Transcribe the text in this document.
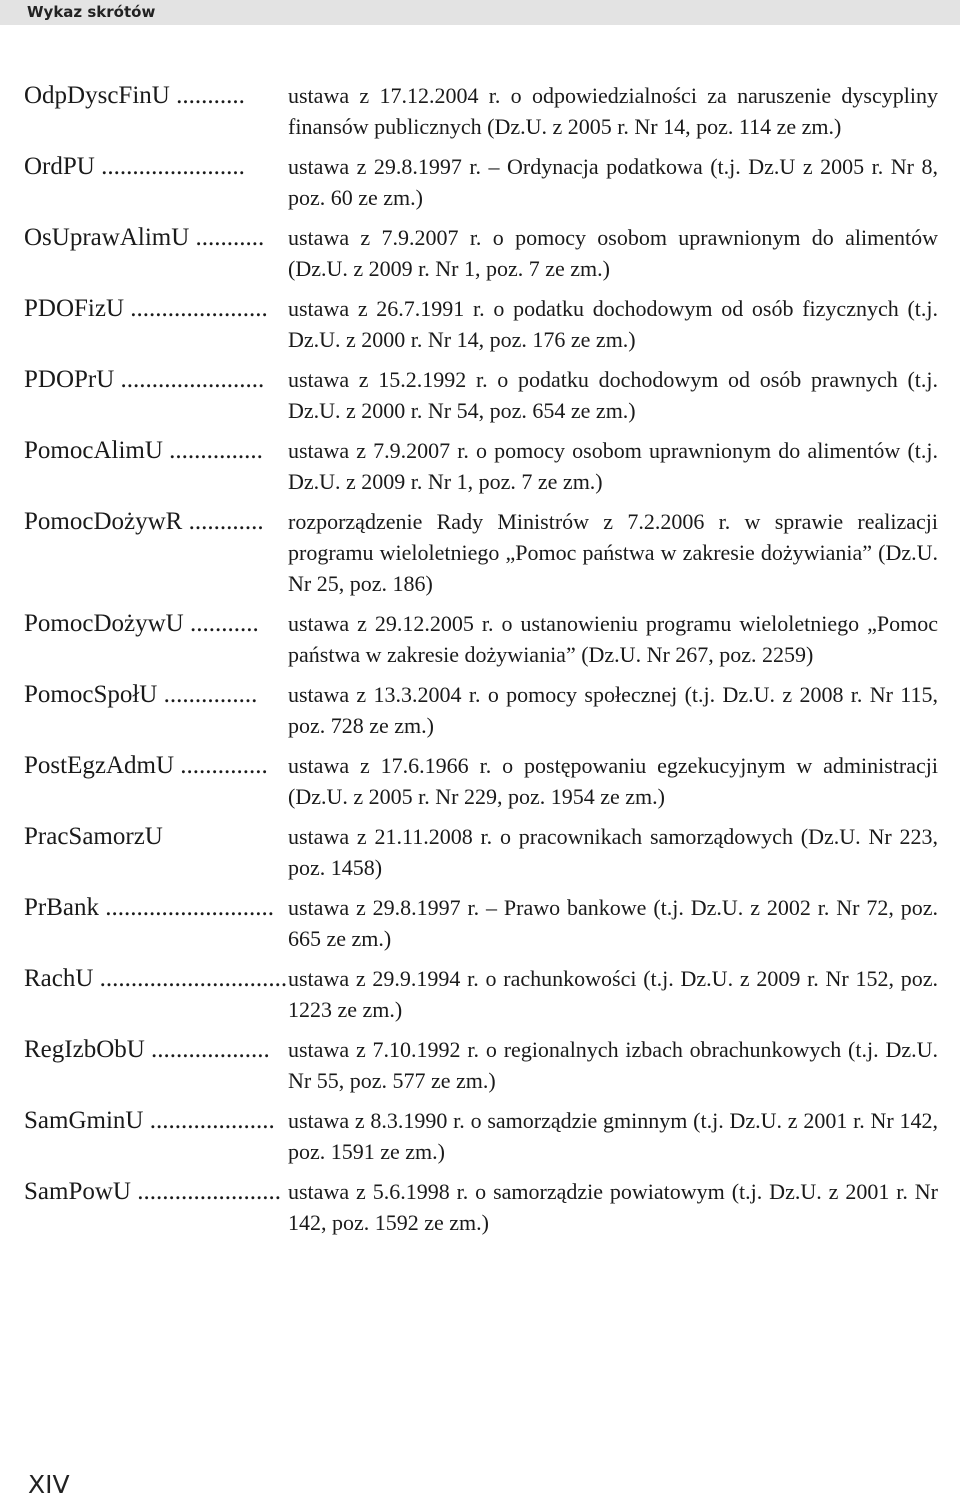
Wykaz skrótów
OdpDyscFinU ...........	ustawa z 17.12.2004 r. o odpowiedzialności za naruszenie dyscypliny finansów publicznych (Dz.U. z 2005 r. Nr 14, poz. 114 ze zm.)
OrdPU .......................	ustawa z 29.8.1997 r. – Ordynacja podatkowa (t.j. Dz.U z 2005 r. Nr 8, poz. 60 ze zm.)
OsUprawAlimU ...........	ustawa z 7.9.2007 r. o pomocy osobom uprawnionym do alimentów (Dz.U. z 2009 r. Nr 1, poz. 7 ze zm.)
PDOFizU ...................... ustawa z 26.7.1991 r. o podatku dochodowym od osób fizycznych (t.j. Dz.U. z 2000 r. Nr 14, poz. 176 ze zm.)
PDOPrU .......................	ustawa z 15.2.1992 r. o podatku dochodowym od osób prawnych (t.j. Dz.U. z 2000 r. Nr 54, poz. 654 ze zm.)
PomocAlimU ...............	ustawa z 7.9.2007 r. o pomocy osobom uprawnionym do alimentów (t.j. Dz.U. z 2009 r. Nr 1, poz. 7 ze zm.)
PomocDożywR ............	rozporządzenie Rady Ministrów z 7.2.2006 r. w sprawie realizacji programu wieloletniego „Pomoc państwa w zakresie dożywiania” (Dz.U. Nr 25, poz. 186)
PomocDożywU ...........	ustawa z 29.12.2005 r. o ustanowieniu programu wieloletniego „Pomoc państwa w zakresie dożywiania” (Dz.U. Nr 267, poz. 2259)
PomocSpołU ...............	ustawa z 13.3.2004 r. o pomocy społecznej (t.j. Dz.U. z 2008 r. Nr 115, poz. 728 ze zm.)
PostEgzAdmU .............. ustawa z 17.6.1966 r. o postępowaniu egzekucyjnym w administracji (Dz.U. z 2005 r. Nr 229, poz. 1954 ze zm.)
PracSamorzU	ustawa z 21.11.2008 r. o pracownikach samorządowych (Dz.U. Nr 223, poz. 1458)
PrBank ........................... ustawa z 29.8.1997 r. – Prawo bankowe (t.j. Dz.U. z 2002 r. Nr 72, poz. 665 ze zm.)
RachU .............................. ustawa z 29.9.1994 r. o rachunkowości (t.j. Dz.U. z 2009 r. Nr 152, poz. 1223 ze zm.)
RegIzbObU ................... ustawa z 7.10.1992 r. o regionalnych izbach obrachunkowych (t.j. Dz.U. Nr 55, poz. 577 ze zm.)
SamGminU .................... ustawa z 8.3.1990 r. o samorządzie gminnym (t.j. Dz.U. z 2001 r. Nr 142, poz. 1591 ze zm.)
SamPowU ....................... ustawa z 5.6.1998 r. o samorządzie powiatowym (t.j. Dz.U. z 2001 r. Nr 142, poz. 1592 ze zm.)
XIV
